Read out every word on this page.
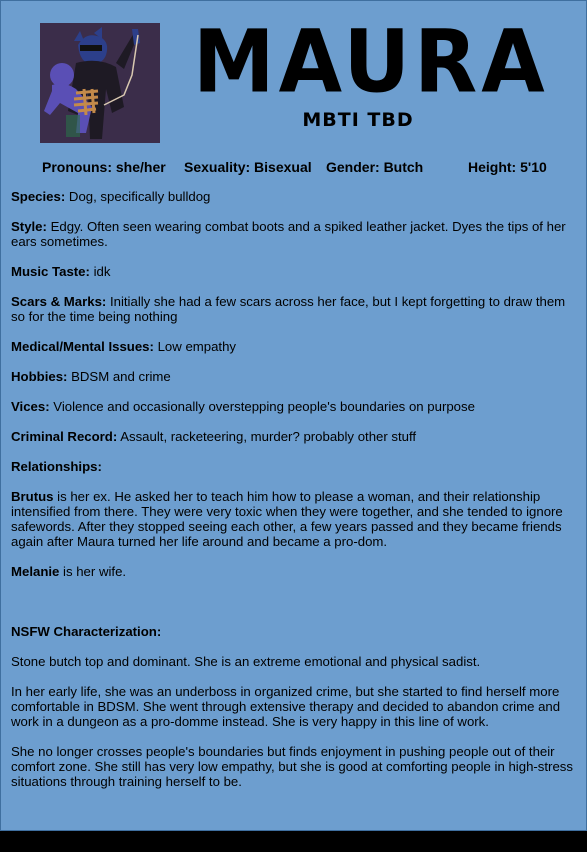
MAURA
MBTI TBD
Pronouns: she/her Sexuality: Bisexual Gender: Butch	Height: 5'10

Species: Dog, specifically bulldog

Style: Edgy. Often seen wearing combat boots and a spiked leather jacket. Dyes the tips of her ears sometimes.

Music Taste: idk

Scars & Marks: Initially she had a few scars across her face, but I kept forgetting to draw them so for the time being nothing

Medical/Mental Issues: Low empathy

Hobbies: BDSM and crime

Vices: Violence and occasionally overstepping people's boundaries on purpose

Criminal Record: Assault, racketeering, murder? probably other stuff

Relationships:

Brutus is her ex. He asked her to teach him how to please a woman, and their relationship intensified from there. They were very toxic when they were together, and she tended to ignore safewords. After they stopped seeing each other, a few years passed and they became friends again after Maura turned her life around and became a pro-dom.

Melanie is her wife.

NSFW Characterization:

Stone butch top and dominant. She is an extreme emotional and physical sadist.

In her early life, she was an underboss in organized crime, but she started to find herself more comfortable in BDSM. She went through extensive therapy and decided to abandon crime and work in a dungeon as a pro-domme instead. She is very happy in this line of work.

She no longer crosses people's boundaries but finds enjoyment in pushing people out of their comfort zone. She still has very low empathy, but she is good at comforting people in high-stress situations through training herself to be.
